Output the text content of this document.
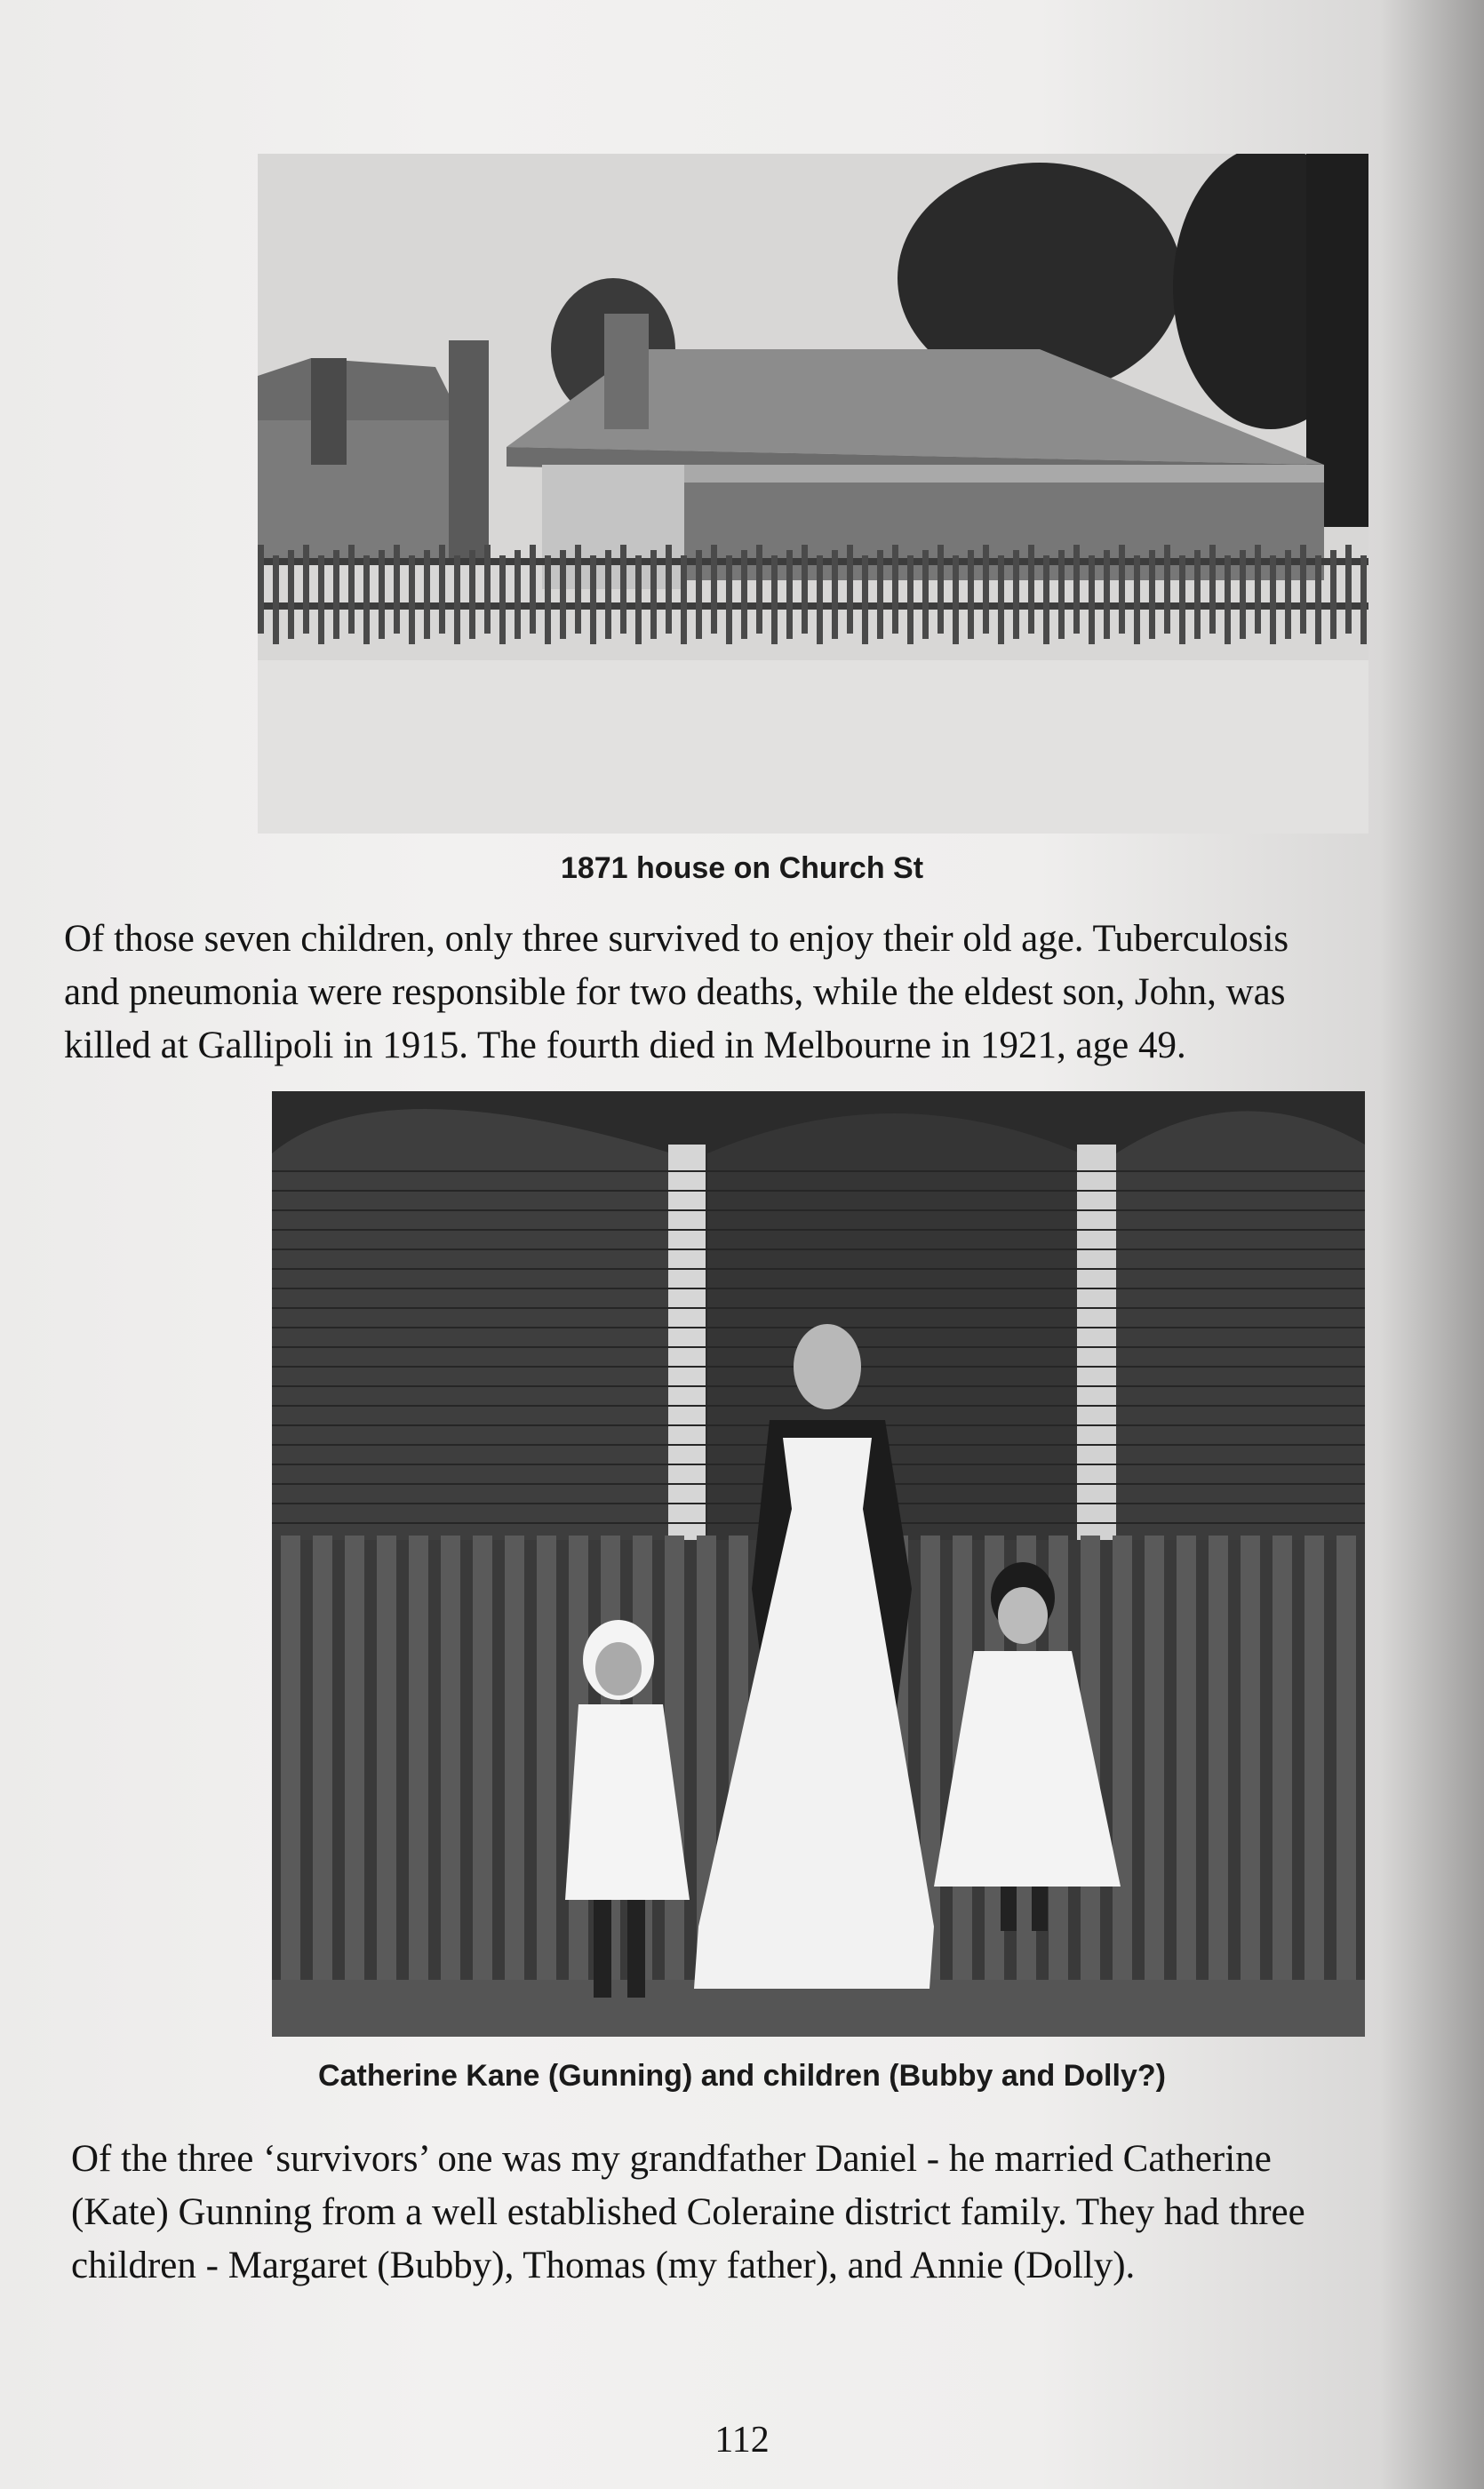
1871 house on Church St
Of those seven children, only three survived to enjoy their old age. Tuberculosis
and pneumonia were responsible for two deaths, while the eldest son, John, was
killed at Gallipoli in 1915. The fourth died in Melbourne in 1921, age 49.
Catherine Kane (Gunning) and children (Bubby and Dolly?)
Of the three ‘survivors’ one was my grandfather Daniel - he married Catherine
(Kate) Gunning from a well established Coleraine district family. They had three
children - Margaret (Bubby), Thomas (my father), and Annie (Dolly).
112
